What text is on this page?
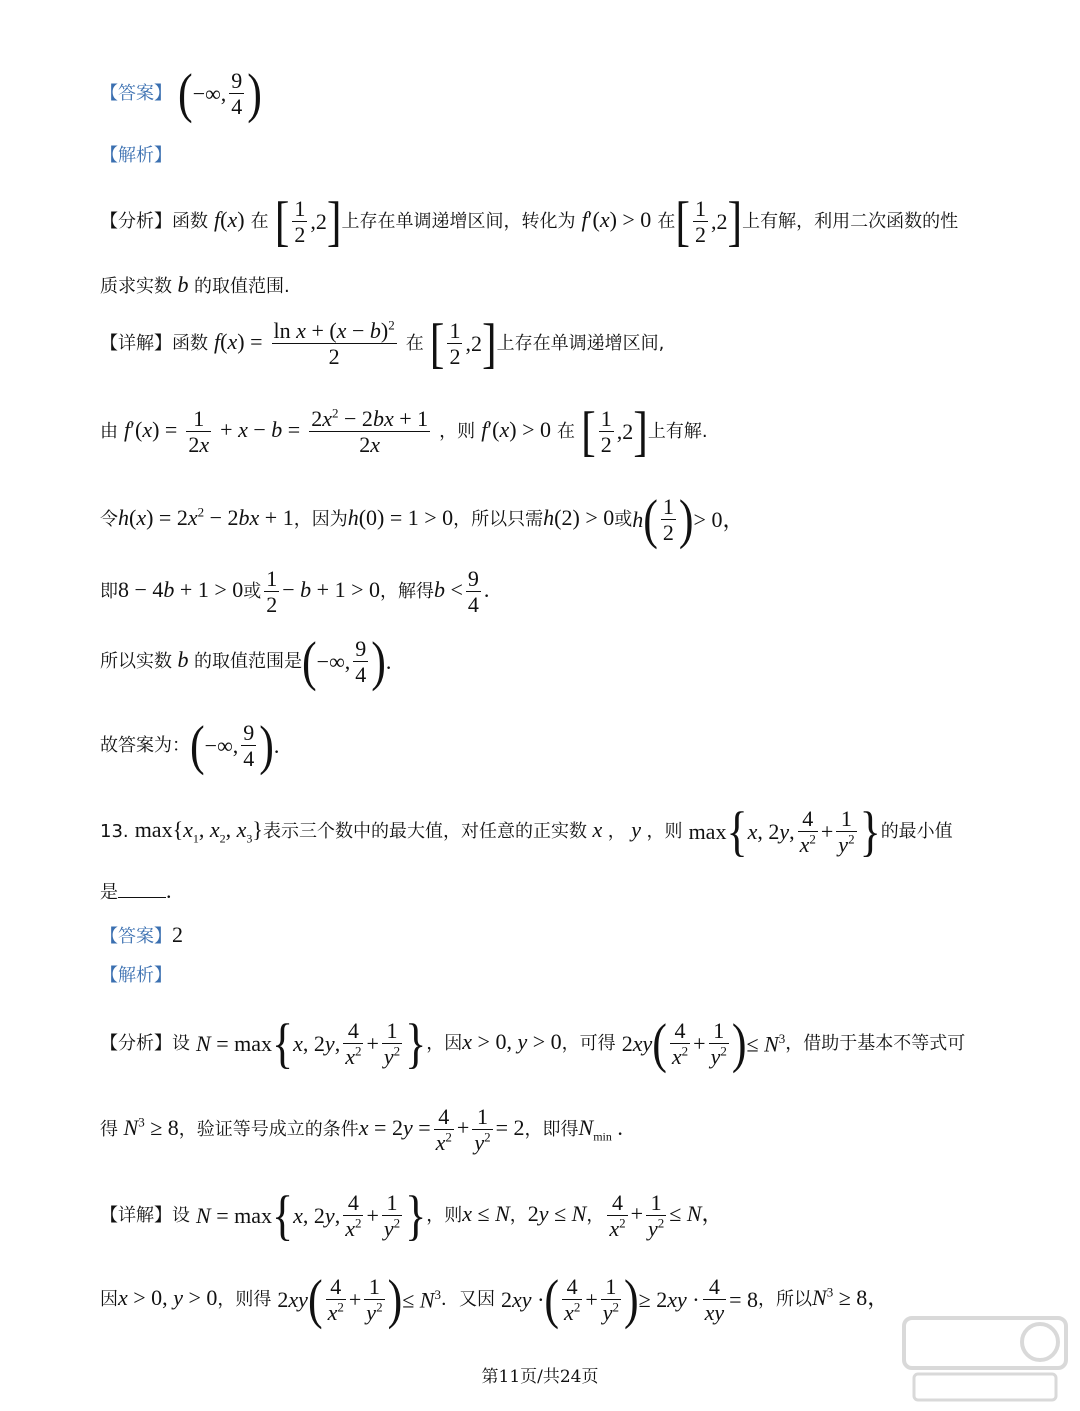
【答案】 ( −∞, $\frac{9}{4}$ )
【解析】
【分析】函数 f(x) 在 [ $\frac{1}{2} ,2$ ] 上存在单调递增区间，转化为 f′(x) > 0 在 [ $\frac{1}{2} ,2$ ] 上有解，利用二次函数的性
质求实数 b 的取值范围.
【详解】函数 $f(x) = \frac{\ln x + (x - b)^2}{2}$ 在 [ $\frac{1}{2} ,2$ ] 上存在单调递增区间,
由 $f'(x) = \frac{1}{2x} + x - b = \frac{2x^2 - 2bx + 1}{2x}$ ，则 f′(x) > 0 在 [ $\frac{1}{2} ,2$ ] 上有解.
令$h(x) = 2x^2 - 2bx + 1$，因为h(0) = 1 > 0，所以只需h(2) > 0或 h ( $\frac{1}{2}$ ) > 0，
即8 − 4b + 1 > 0或 $\frac{1}{2} - b + 1 > 0$，解得$b < \frac{9}{4}$ .
所以实数 b 的取值范围是 ( −∞, $\frac{9}{4}$ ) .
故答案为： ( −∞, $\frac{9}{4}$ ) .
13. $\max\{x_1$, $x_2$, $x_3$}表示三个数中的最大值，对任意的正实数 x ， y ，则 max { x, 2y, $\frac{4}{x^2} + \frac{1}{y^2}$ } 的最小值
是 .
【答案】2
【解析】
【分析】设 N = max { x, 2y, $\frac{4}{x^2} + \frac{1}{y^2}$ } ，因x > 0, y > 0，可得 2xy ( $\frac{4}{x^2} + \frac{1}{y^2}$ ) ≤ $N^3$ ，借助于基本不等式可
得 $N^3 \ge 8$，验证等号成立的条件$x = 2y = \frac{4}{x^2} + \frac{1}{y^2} = 2$，即得$N_{min}$ .
【详解】设 N = max { x, 2y, $\frac{4}{x^2} + \frac{1}{y^2}$ } ，则x ≤ N，2y ≤ N， $\frac{4}{x^2} + \frac{1}{y^2} \le N$，
因x > 0, y > 0，则得 2xy ( $\frac{4}{x^2} + \frac{1}{y^2}$ ) ≤ $N^3$ ．又因 2xy · ( $\frac{4}{x^2} + \frac{1}{y^2}$ ) ≥ $2xy \cdot \frac{4}{xy} = 8$ ，所以$N^3 \ge 8$，
第11页/共24页
